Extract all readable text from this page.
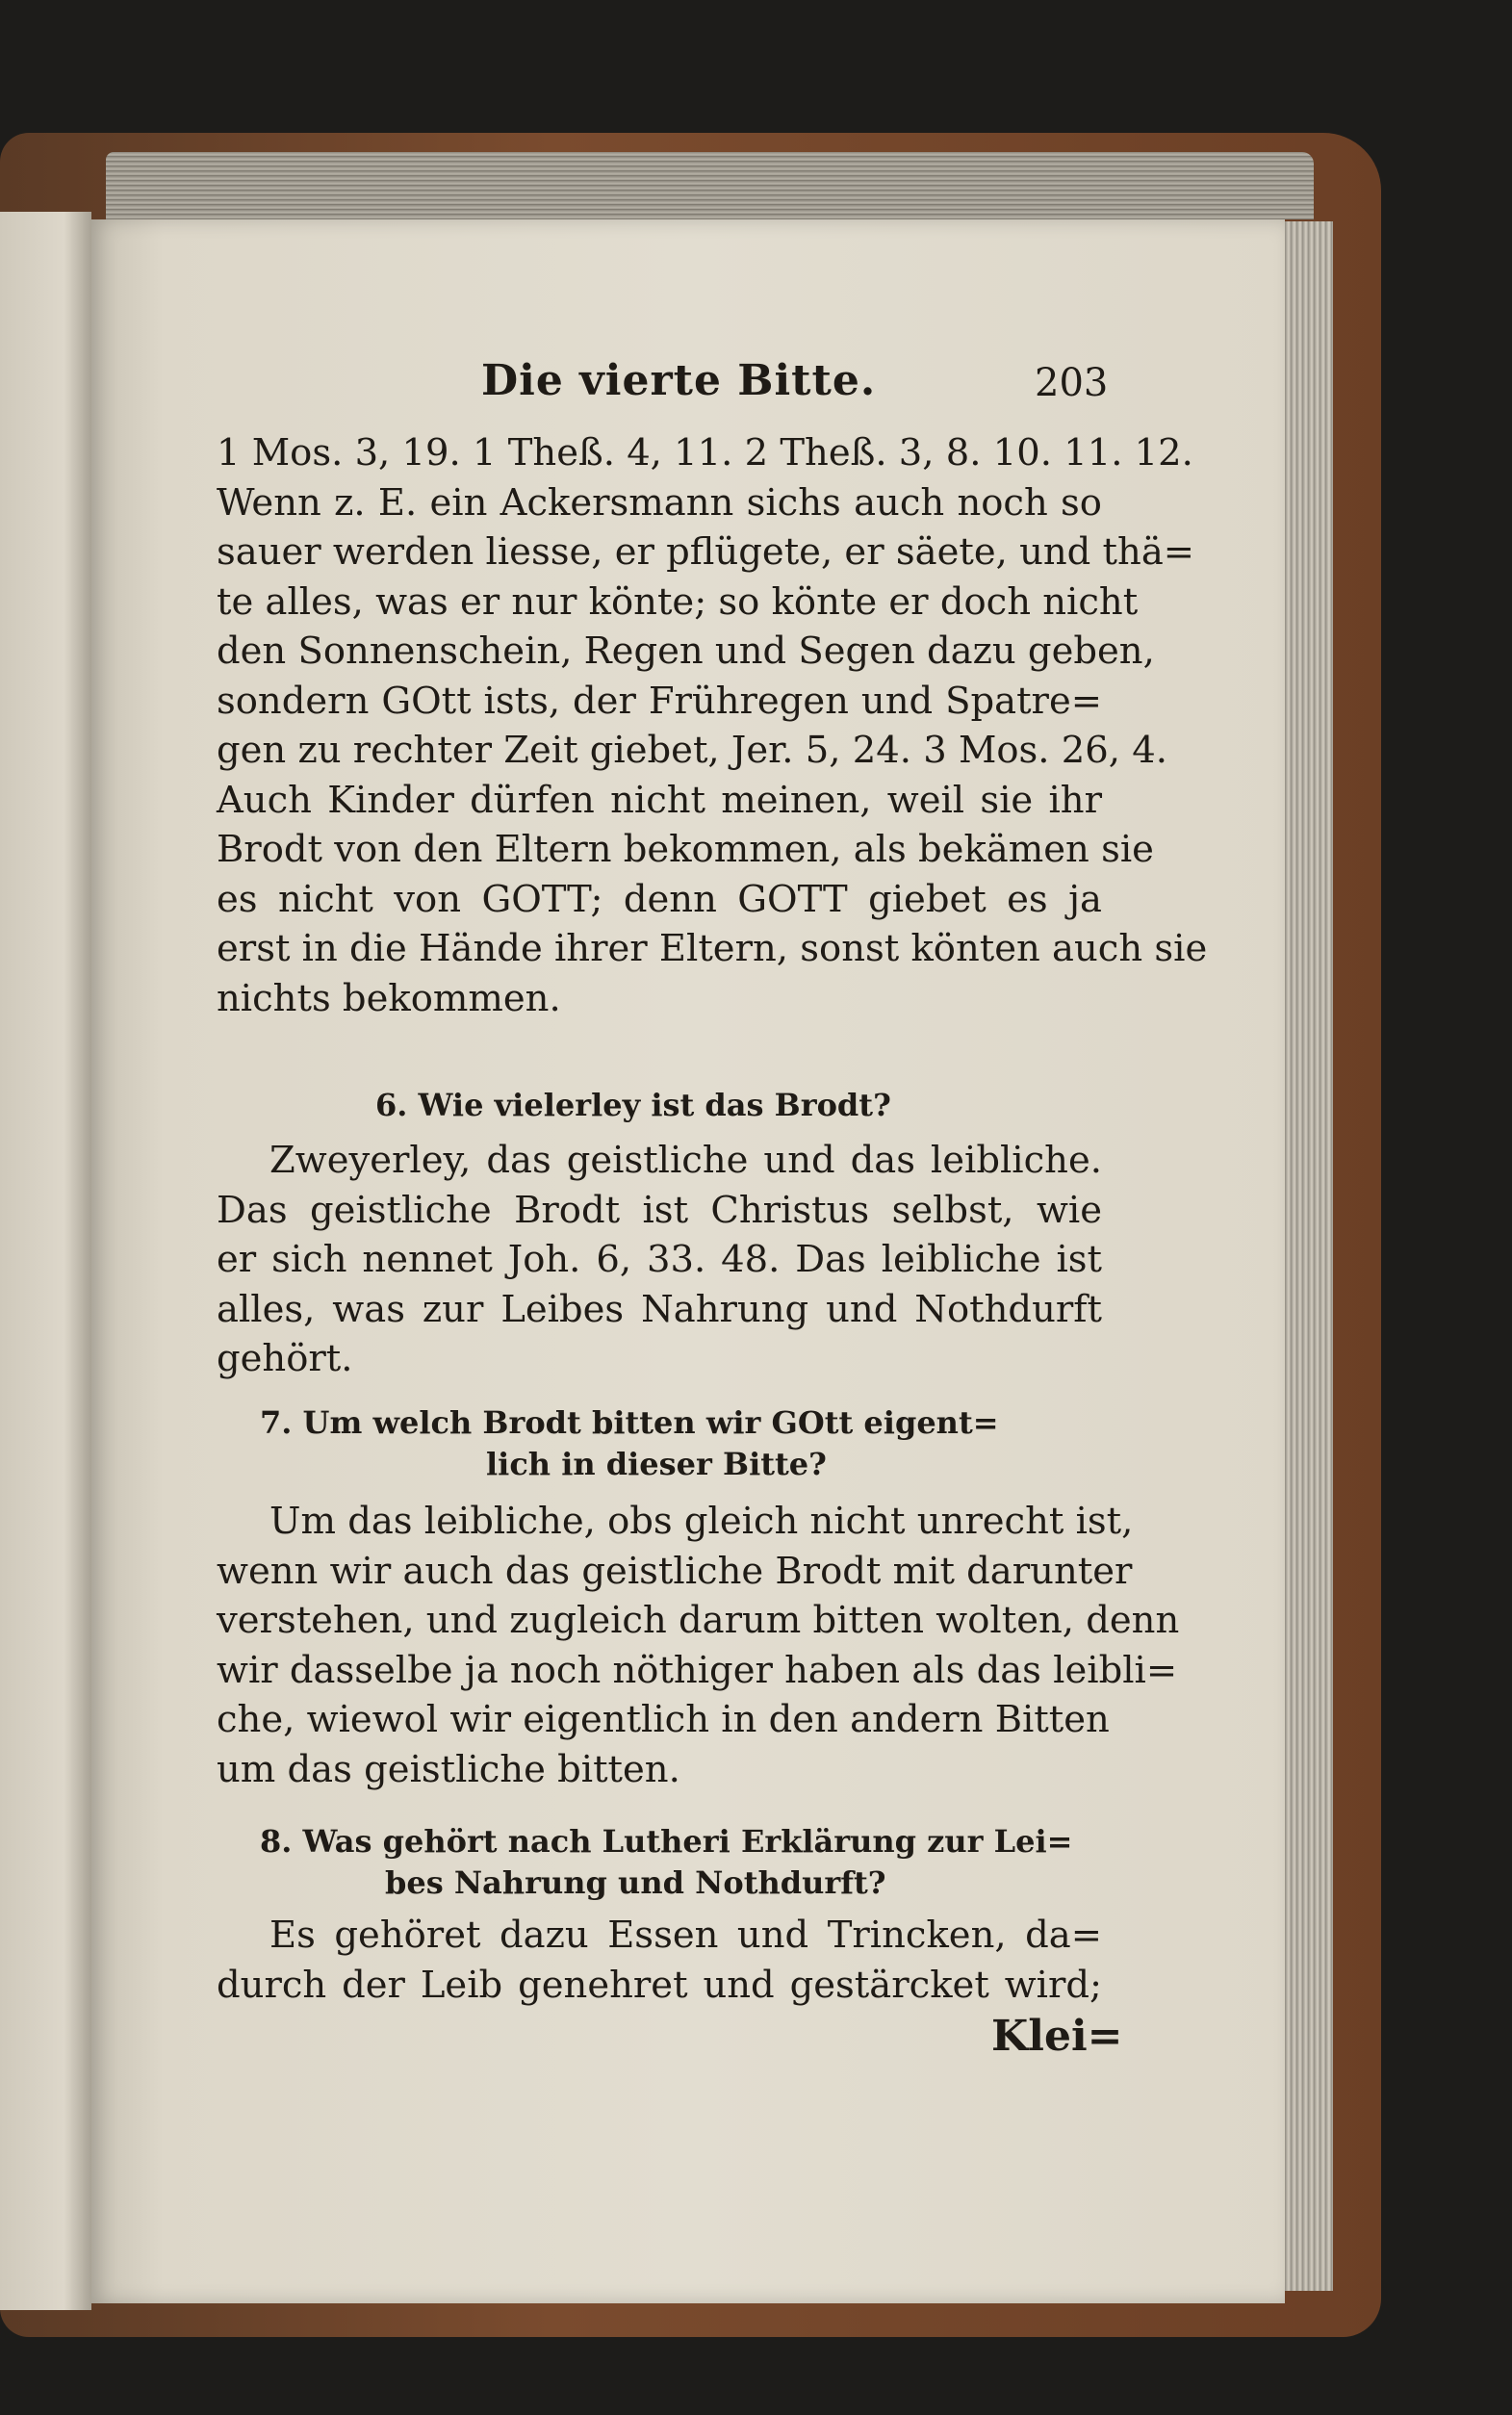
Die vierte Bitte.	203
1 Mos. 3, 19. 1 Theß. 4, 11. 2 Theß. 3, 8. 10. 11. 12.
Wenn z. E. ein Ackersmann sichs auch noch so
sauer werden liesse, er pflügete, er säete, und thä=
te alles, was er nur könte; so könte er doch nicht
den Sonnenschein, Regen und Segen dazu geben,
sondern GOtt ists, der Frühregen und Spatre=
gen zu rechter Zeit giebet, Jer. 5, 24. 3 Mos. 26, 4.
Auch Kinder dürfen nicht meinen, weil sie ihr
Brodt von den Eltern bekommen, als bekämen sie
es nicht von GOTT; denn GOTT giebet es ja
erst in die Hände ihrer Eltern, sonst könten auch sie
nichts bekommen.
6. Wie vielerley ist das Brodt?
Zweyerley, das geistliche und das leibliche.
Das geistliche Brodt ist Christus selbst, wie
er sich nennet Joh. 6, 33. 48. Das leibliche ist
alles, was zur Leibes Nahrung und Nothdurft
gehört.
7. Um welch Brodt bitten wir GOtt eigent=
lich in dieser Bitte?
Um das leibliche, obs gleich nicht unrecht ist,
wenn wir auch das geistliche Brodt mit darunter
verstehen, und zugleich darum bitten wolten, denn
wir dasselbe ja noch nöthiger haben als das leibli=
che, wiewol wir eigentlich in den andern Bitten
um das geistliche bitten.
8. Was gehört nach Lutheri Erklärung zur Lei=
bes Nahrung und Nothdurft?
Es gehöret dazu Essen und Trincken, da=
durch der Leib genehret und gestärcket wird;
Klei=
